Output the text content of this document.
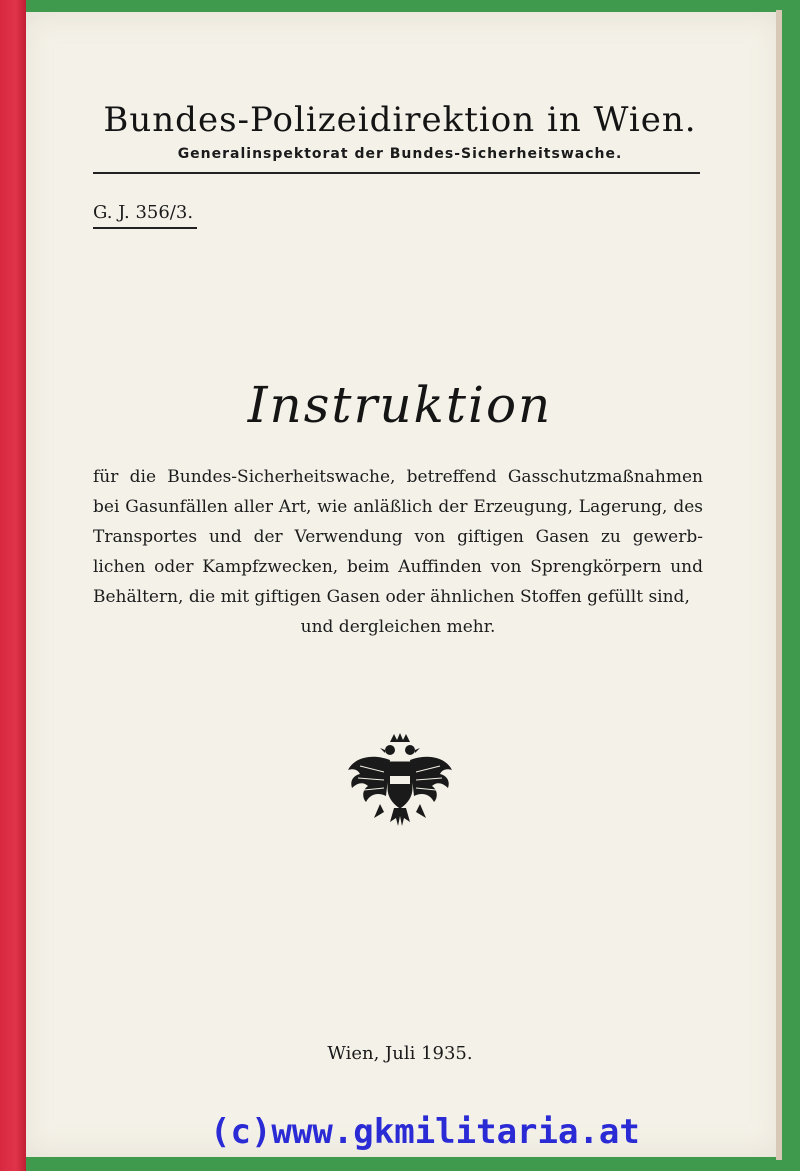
Bundes-Polizeidirektion in Wien.
Generalinspektorat der Bundes-Sicherheitswache.
G. J. 356/3.
Instruktion
für die Bundes-Sicherheitswache, betreffend Gasschutzmaßnahmen bei Gasunfällen aller Art, wie anläßlich der Erzeugung, Lagerung, des Transportes und der Verwendung von giftigen Gasen zu gewerb- lichen oder Kampfzwecken, beim Auffinden von Sprengkörpern und Behältern, die mit giftigen Gasen oder ähnlichen Stoffen gefüllt sind,
und dergleichen mehr.
Wien, Juli 1935.
(c)www.gkmilitaria.at
